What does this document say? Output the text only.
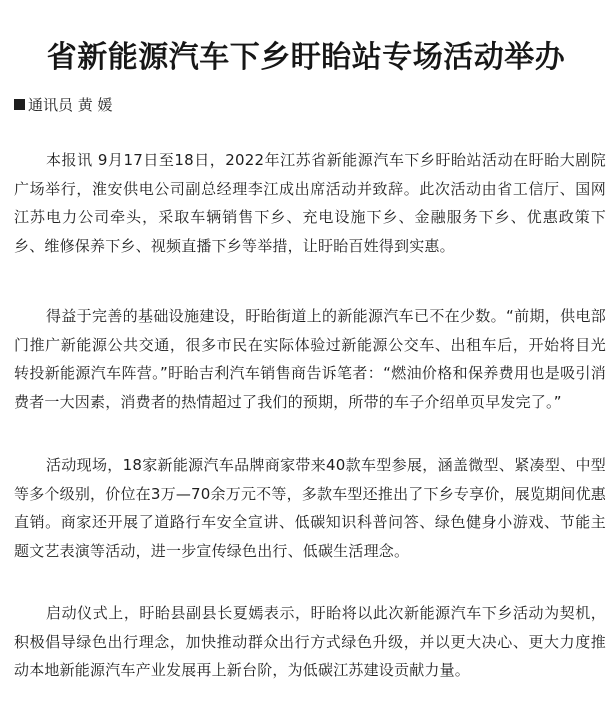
省新能源汽车下乡盱眙站专场活动举办
通讯员 黄 媛

本报讯 9月17日至18日，2022年江苏省新能源汽车下乡盱眙站活动在盱眙大剧院广场举行，淮安供电公司副总经理李江成出席活动并致辞。此次活动由省工信厅、国网江苏电力公司牵头，采取车辆销售下乡、充电设施下乡、金融服务下乡、优惠政策下乡、维修保养下乡、视频直播下乡等举措，让盱眙百姓得到实惠。

得益于完善的基础设施建设，盱眙街道上的新能源汽车已不在少数。“前期，供电部门推广新能源公共交通，很多市民在实际体验过新能源公交车、出租车后，开始将目光转投新能源汽车阵营。”盱眙吉利汽车销售商告诉笔者：“燃油价格和保养费用也是吸引消费者一大因素，消费者的热情超过了我们的预期，所带的车子介绍单页早发完了。”

活动现场，18家新能源汽车品牌商家带来40款车型参展，涵盖微型、紧凑型、中型等多个级别，价位在3万—70余万元不等，多款车型还推出了下乡专享价，展览期间优惠直销。商家还开展了道路行车安全宣讲、低碳知识科普问答、绿色健身小游戏、节能主题文艺表演等活动，进一步宣传绿色出行、低碳生活理念。

启动仪式上，盱眙县副县长夏嫣表示，盱眙将以此次新能源汽车下乡活动为契机，积极倡导绿色出行理念，加快推动群众出行方式绿色升级，并以更大决心、更大力度推动本地新能源汽车产业发展再上新台阶，为低碳江苏建设贡献力量。
